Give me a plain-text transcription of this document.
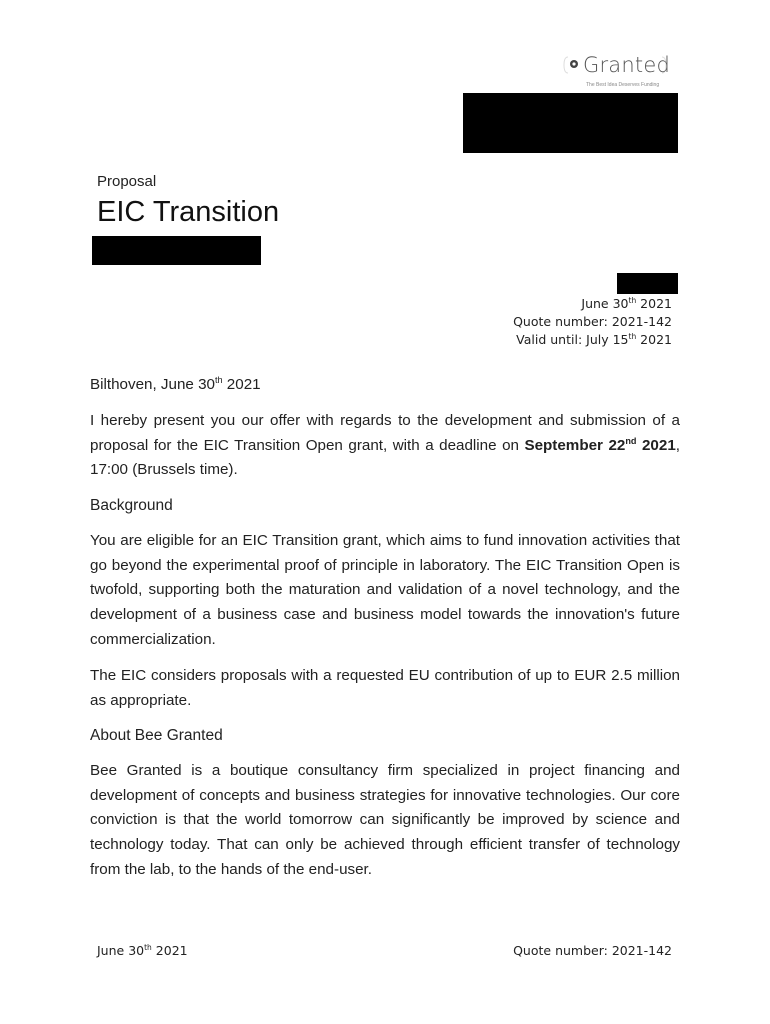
Granted
The Best Idea Deserves Funding
Proposal
EIC Transition
June 30th 2021
Quote number: 2021-142
Valid until: July 15th 2021
Bilthoven, June 30th 2021
I hereby present you our offer with regards to the development and submission of a proposal for the EIC Transition Open grant, with a deadline on September 22nd 2021, 17:00 (Brussels time).
Background
You are eligible for an EIC Transition grant, which aims to fund innovation activities that go beyond the experimental proof of principle in laboratory. The EIC Transition Open is twofold, supporting both the maturation and validation of a novel technology, and the development of a business case and business model towards the innovation's future commercialization.
The EIC considers proposals with a requested EU contribution of up to EUR 2.5 million as appropriate.
About Bee Granted
Bee Granted is a boutique consultancy firm specialized in project financing and development of concepts and business strategies for innovative technologies. Our core conviction is that the world tomorrow can significantly be improved by science and technology today. That can only be achieved through efficient transfer of technology from the lab, to the hands of the end-user.
June 30th 2021	Quote number: 2021-142
